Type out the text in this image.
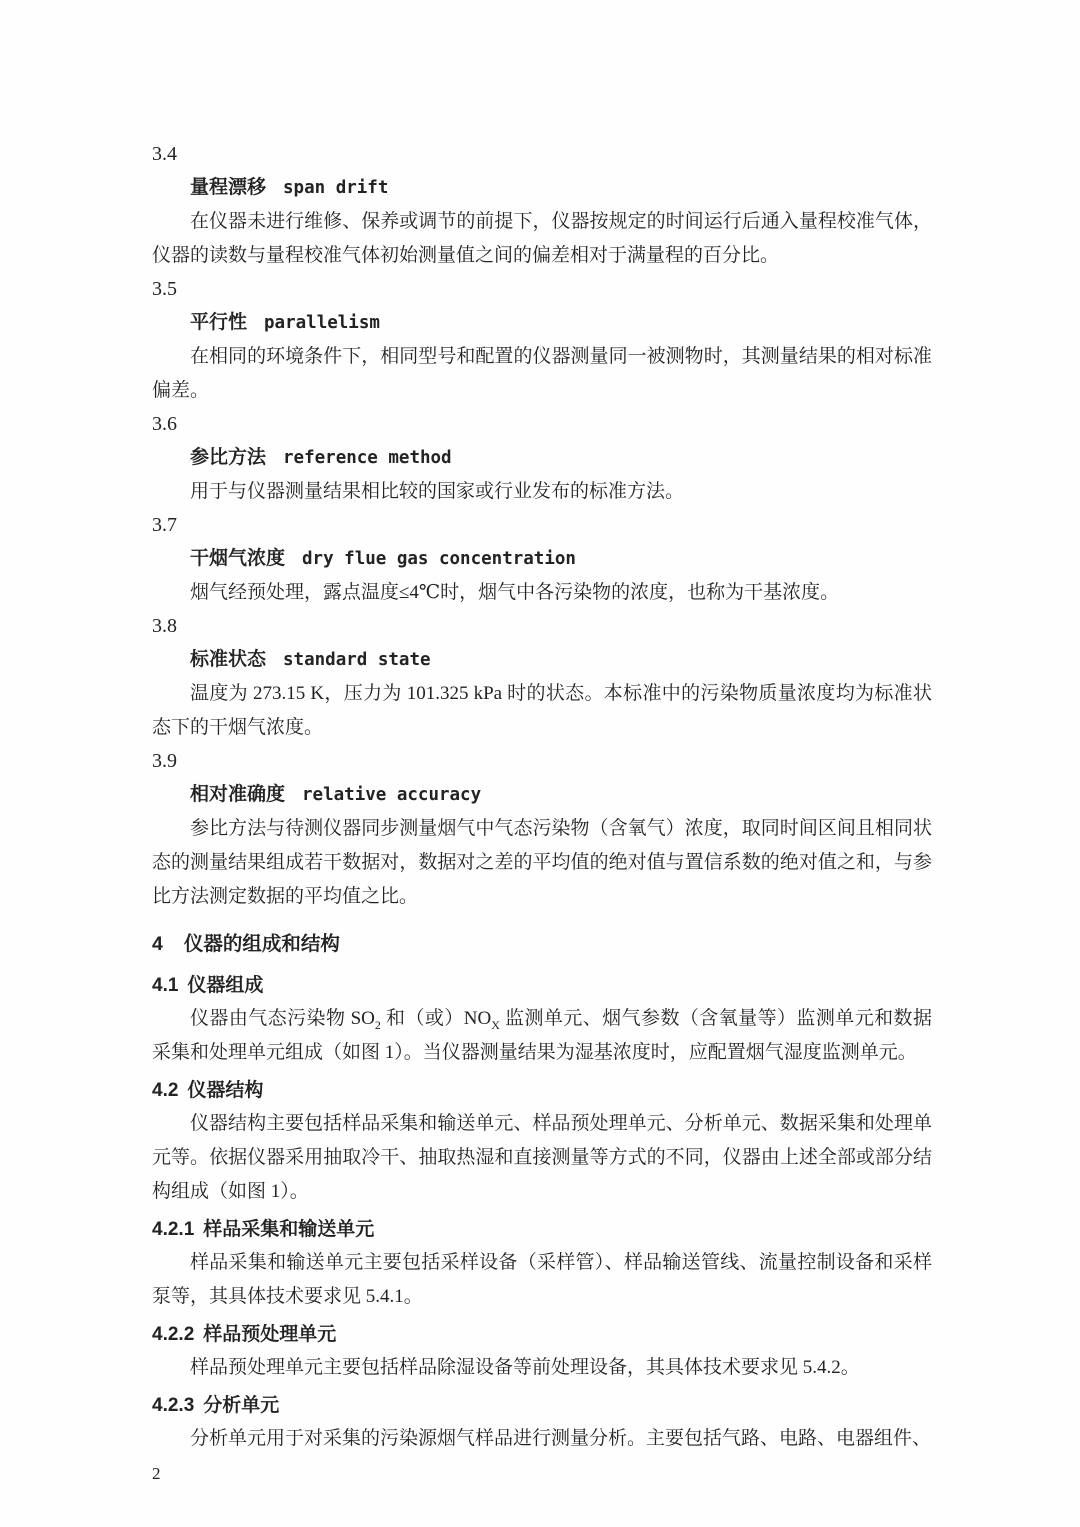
3.4
量程漂移 span drift

在仪器未进行维修、保养或调节的前提下，仪器按规定的时间运行后通入量程校准气体，仪器的读数与量程校准气体初始测量值之间的偏差相对于满量程的百分比。

3.5
平行性 parallelism

在相同的环境条件下，相同型号和配置的仪器测量同一被测物时，其测量结果的相对标准偏差。

3.6
参比方法 reference method

用于与仪器测量结果相比较的国家或行业发布的标准方法。

3.7
干烟气浓度 dry flue gas concentration

烟气经预处理，露点温度≤4℃时，烟气中各污染物的浓度，也称为干基浓度。

3.8
标准状态 standard state

温度为 273.15 K，压力为 101.325 kPa 时的状态。本标准中的污染物质量浓度均为标准状态下的干烟气浓度。

3.9
相对准确度 relative accuracy

参比方法与待测仪器同步测量烟气中气态污染物（含氧气）浓度，取同时间区间且相同状态的测量结果组成若干数据对，数据对之差的平均值的绝对值与置信系数的绝对值之和，与参比方法测定数据的平均值之比。

4 仪器的组成和结构
4.1 仪器组成

仪器由气态污染物 $SO_2$ 和（或）$NO_X$ 监测单元、烟气参数（含氧量等）监测单元和数据采集和处理单元组成（如图 1）。当仪器测量结果为湿基浓度时，应配置烟气湿度监测单元。

4.2 仪器结构

仪器结构主要包括样品采集和输送单元、样品预处理单元、分析单元、数据采集和处理单元等。依据仪器采用抽取冷干、抽取热湿和直接测量等方式的不同，仪器由上述全部或部分结构组成（如图 1）。

4.2.1 样品采集和输送单元

样品采集和输送单元主要包括采样设备（采样管）、样品输送管线、流量控制设备和采样泵等，其具体技术要求见 5.4.1。

4.2.2 样品预处理单元

样品预处理单元主要包括样品除湿设备等前处理设备，其具体技术要求见 5.4.2。

4.2.3 分析单元

分析单元用于对采集的污染源烟气样品进行测量分析。主要包括气路、电路、电器组件、

2
